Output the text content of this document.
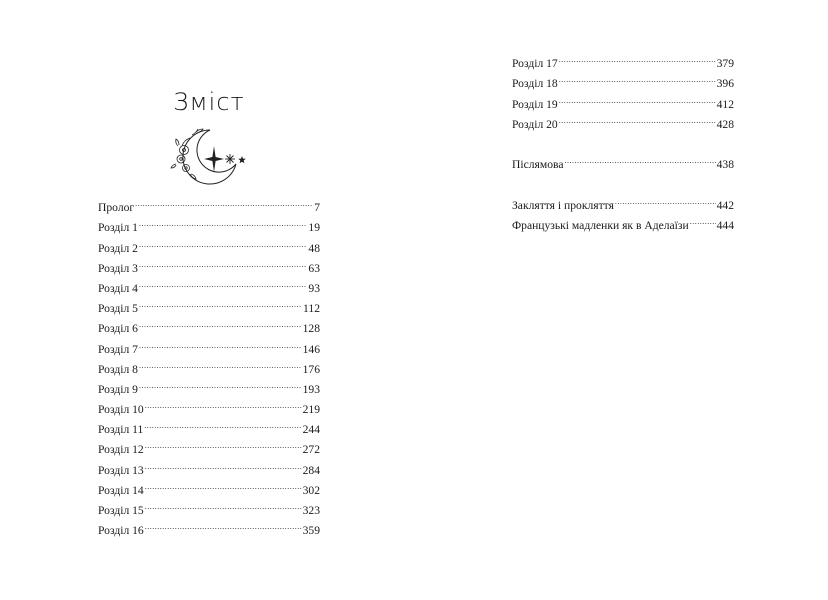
Зміст
Пролог .....	7
Розділ 1 .....	19
Розділ 2 .....	48
Розділ 3 .....	63
Розділ 4 .....	93
Розділ 5 .....	112
Розділ 6 .....	128
Розділ 7 .....	146
Розділ 8 .....	176
Розділ 9 .....	193
Розділ 10 .....	219
Розділ 11 .....	244
Розділ 12 .....	272
Розділ 13 .....	284
Розділ 14 .....	302
Розділ 15 .....	323
Розділ 16 .....	359
Розділ 17 .....	379
Розділ 18 .....	396
Розділ 19 .....	412
Розділ 20 .....	428
Післямова .....	438
Закляття і прокляття .....	442
Французькі мадленки як в Аделаїзи ..... 444
